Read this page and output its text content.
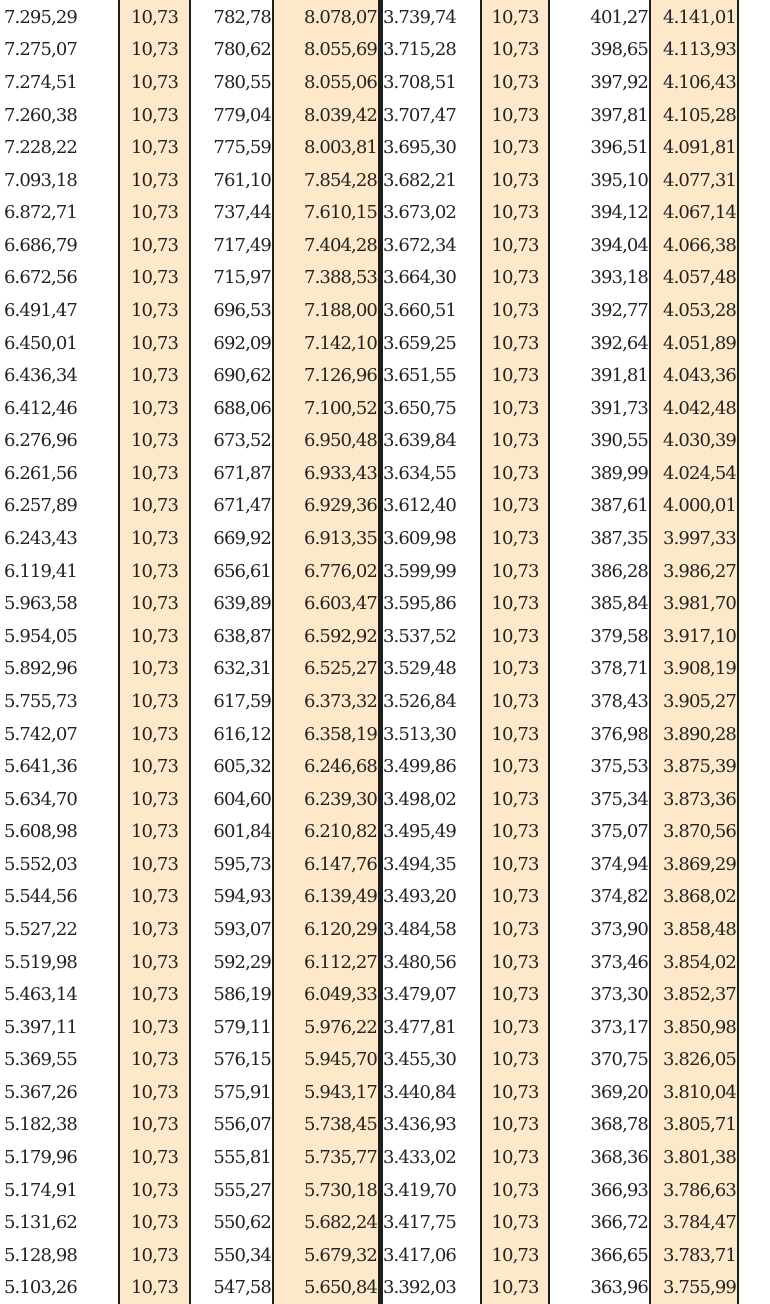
7.295,29	10,73	782,78	8.078,07	3.739,74	10,73	401,27	4.141,01
7.275,07	10,73	780,62	8.055,69	3.715,28	10,73	398,65	4.113,93
7.274,51	10,73	780,55	8.055,06	3.708,51	10,73	397,92	4.106,43
7.260,38	10,73	779,04	8.039,42	3.707,47	10,73	397,81	4.105,28
7.228,22	10,73	775,59	8.003,81	3.695,30	10,73	396,51	4.091,81
7.093,18	10,73	761,10	7.854,28	3.682,21	10,73	395,10	4.077,31
6.872,71	10,73	737,44	7.610,15	3.673,02	10,73	394,12	4.067,14
6.686,79	10,73	717,49	7.404,28	3.672,34	10,73	394,04	4.066,38
6.672,56	10,73	715,97	7.388,53	3.664,30	10,73	393,18	4.057,48
6.491,47	10,73	696,53	7.188,00	3.660,51	10,73	392,77	4.053,28
6.450,01	10,73	692,09	7.142,10	3.659,25	10,73	392,64	4.051,89
6.436,34	10,73	690,62	7.126,96	3.651,55	10,73	391,81	4.043,36
6.412,46	10,73	688,06	7.100,52	3.650,75	10,73	391,73	4.042,48
6.276,96	10,73	673,52	6.950,48	3.639,84	10,73	390,55	4.030,39
6.261,56	10,73	671,87	6.933,43	3.634,55	10,73	389,99	4.024,54
6.257,89	10,73	671,47	6.929,36	3.612,40	10,73	387,61	4.000,01
6.243,43	10,73	669,92	6.913,35	3.609,98	10,73	387,35	3.997,33
6.119,41	10,73	656,61	6.776,02	3.599,99	10,73	386,28	3.986,27
5.963,58	10,73	639,89	6.603,47	3.595,86	10,73	385,84	3.981,70
5.954,05	10,73	638,87	6.592,92	3.537,52	10,73	379,58	3.917,10
5.892,96	10,73	632,31	6.525,27	3.529,48	10,73	378,71	3.908,19
5.755,73	10,73	617,59	6.373,32	3.526,84	10,73	378,43	3.905,27
5.742,07	10,73	616,12	6.358,19	3.513,30	10,73	376,98	3.890,28
5.641,36	10,73	605,32	6.246,68	3.499,86	10,73	375,53	3.875,39
5.634,70	10,73	604,60	6.239,30	3.498,02	10,73	375,34	3.873,36
5.608,98	10,73	601,84	6.210,82	3.495,49	10,73	375,07	3.870,56
5.552,03	10,73	595,73	6.147,76	3.494,35	10,73	374,94	3.869,29
5.544,56	10,73	594,93	6.139,49	3.493,20	10,73	374,82	3.868,02
5.527,22	10,73	593,07	6.120,29	3.484,58	10,73	373,90	3.858,48
5.519,98	10,73	592,29	6.112,27	3.480,56	10,73	373,46	3.854,02
5.463,14	10,73	586,19	6.049,33	3.479,07	10,73	373,30	3.852,37
5.397,11	10,73	579,11	5.976,22	3.477,81	10,73	373,17	3.850,98
5.369,55	10,73	576,15	5.945,70	3.455,30	10,73	370,75	3.826,05
5.367,26	10,73	575,91	5.943,17	3.440,84	10,73	369,20	3.810,04
5.182,38	10,73	556,07	5.738,45	3.436,93	10,73	368,78	3.805,71
5.179,96	10,73	555,81	5.735,77	3.433,02	10,73	368,36	3.801,38
5.174,91	10,73	555,27	5.730,18	3.419,70	10,73	366,93	3.786,63
5.131,62	10,73	550,62	5.682,24	3.417,75	10,73	366,72	3.784,47
5.128,98	10,73	550,34	5.679,32	3.417,06	10,73	366,65	3.783,71
5.103,26	10,73	547,58	5.650,84	3.392,03	10,73	363,96	3.755,99
